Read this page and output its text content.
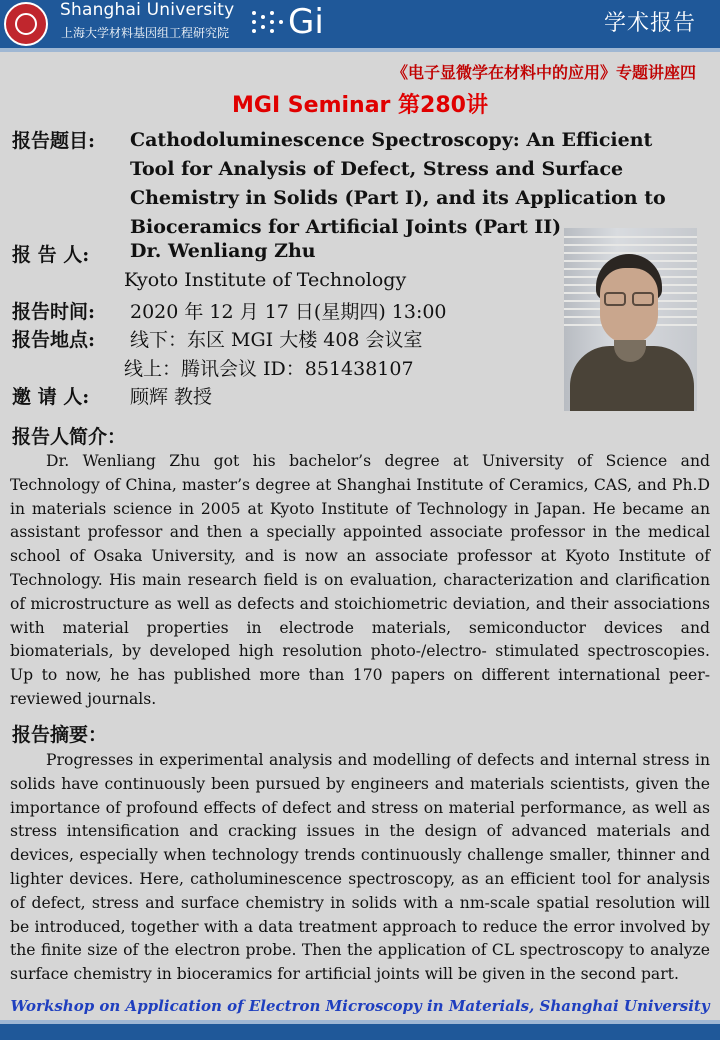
Shanghai University
上海大学材料基因组工程研究院 Gi	学术报告
《电子显微学在材料中的应用》专题讲座四
MGI Seminar 第280讲
报告题目: Cathodoluminescence Spectroscopy: An Efficient Tool for Analysis of Defect, Stress and Surface Chemistry in Solids (Part I), and its Application to Bioceramics for Artificial Joints (Part II)
报 告 人: Dr. Wenliang Zhu
Kyoto Institute of Technology
报告时间: 2020 年 12 月 17 日(星期四) 13:00
报告地点: 线下：东区 MGI 大楼 408 会议室
线上：腾讯会议 ID：851438107
邀 请 人: 顾辉 教授
报告人简介：
Dr. Wenliang Zhu got his bachelor’s degree at University of Science and Technology of China, master’s degree at Shanghai Institute of Ceramics, CAS, and Ph.D in materials science in 2005 at Kyoto Institute of Technology in Japan. He became an assistant professor and then a specially appointed associate professor in the medical school of Osaka University, and is now an associate professor at Kyoto Institute of Technology. His main research field is on evaluation, characterization and clarification of microstructure as well as defects and stoichiometric deviation, and their associations with material properties in electrode materials, semiconductor devices and biomaterials, by developed high resolution photo-/electro- stimulated spectroscopies. Up to now, he has published more than 170 papers on different international peer-reviewed journals.
报告摘要：
Progresses in experimental analysis and modelling of defects and internal stress in solids have continuously been pursued by engineers and materials scientists, given the importance of profound effects of defect and stress on material performance, as well as stress intensification and cracking issues in the design of advanced materials and devices, especially when technology trends continuously challenge smaller, thinner and lighter devices. Here, catholuminescence spectroscopy, as an efficient tool for analysis of defect, stress and surface chemistry in solids with a nm-scale spatial resolution will be introduced, together with a data treatment approach to reduce the error involved by the finite size of the electron probe. Then the application of CL spectroscopy to analyze surface chemistry in bioceramics for artificial joints will be given in the second part.
Workshop on Application of Electron Microscopy in Materials, Shanghai University
